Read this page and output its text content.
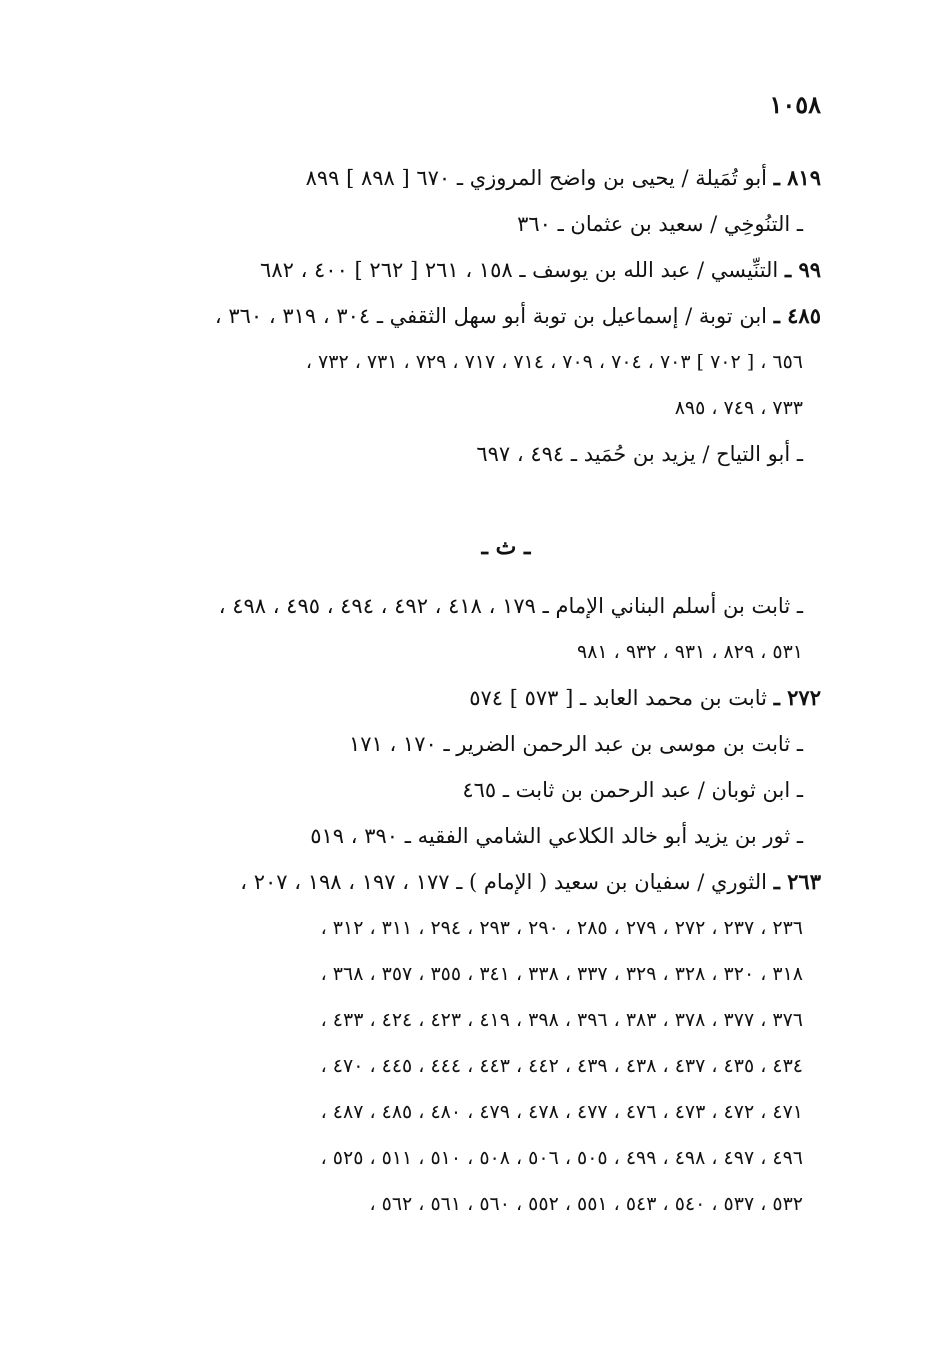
١٠٥٨
٨١٩ ـ أبو تُمَيلة / يحيى بن واضح المروزي ـ ٦٧٠ [ ٨٩٨ ] ٨٩٩
ـ التنُوخِي / سعيد بن عثمان ـ ٣٦٠
٩٩ ـ التنِّيسي / عبد الله بن يوسف ـ ١٥٨ ، ٢٦١ [ ٢٦٢ ] ٤٠٠ ، ٦٨٢
٤٨٥ ـ ابن توبة / إسماعيل بن توبة أبو سهل الثقفي ـ ٣٠٤ ، ٣١٩ ، ٣٦٠ ،
٦٥٦ ، [ ٧٠٢ ] ٧٠٣ ، ٧٠٤ ، ٧٠٩ ، ٧١٤ ، ٧١٧ ، ٧٢٩ ، ٧٣١ ، ٧٣٢ ،
٧٣٣ ، ٧٤٩ ، ٨٩٥
ـ أبو التياح / يزيد بن حُمَيد ـ ٤٩٤ ، ٦٩٧
ـ ث ـ
ـ ثابت بن أسلم البناني الإمام ـ ١٧٩ ، ٤١٨ ، ٤٩٢ ، ٤٩٤ ، ٤٩٥ ، ٤٩٨ ،
٥٣١ ، ٨٢٩ ، ٩٣١ ، ٩٣٢ ، ٩٨١
٢٧٢ ـ ثابت بن محمد العابد ـ [ ٥٧٣ ] ٥٧٤
ـ ثابت بن موسى بن عبد الرحمن الضرير ـ ١٧٠ ، ١٧١
ـ ابن ثوبان / عبد الرحمن بن ثابت ـ ٤٦٥
ـ ثور بن يزيد أبو خالد الكلاعي الشامي الفقيه ـ ٣٩٠ ، ٥١٩
٢٦٣ ـ الثوري / سفيان بن سعيد ( الإمام ) ـ ١٧٧ ، ١٩٧ ، ١٩٨ ، ٢٠٧ ،
٢٣٦ ، ٢٣٧ ، ٢٧٢ ، ٢٧٩ ، ٢٨٥ ، ٢٩٠ ، ٢٩٣ ، ٢٩٤ ، ٣١١ ، ٣١٢ ،
٣١٨ ، ٣٢٠ ، ٣٢٨ ، ٣٢٩ ، ٣٣٧ ، ٣٣٨ ، ٣٤١ ، ٣٥٥ ، ٣٥٧ ، ٣٦٨ ،
٣٧٦ ، ٣٧٧ ، ٣٧٨ ، ٣٨٣ ، ٣٩٦ ، ٣٩٨ ، ٤١٩ ، ٤٢٣ ، ٤٢٤ ، ٤٣٣ ،
٤٣٤ ، ٤٣٥ ، ٤٣٧ ، ٤٣٨ ، ٤٣٩ ، ٤٤٢ ، ٤٤٣ ، ٤٤٤ ، ٤٤٥ ، ٤٧٠ ،
٤٧١ ، ٤٧٢ ، ٤٧٣ ، ٤٧٦ ، ٤٧٧ ، ٤٧٨ ، ٤٧٩ ، ٤٨٠ ، ٤٨٥ ، ٤٨٧ ،
٤٩٦ ، ٤٩٧ ، ٤٩٨ ، ٤٩٩ ، ٥٠٥ ، ٥٠٦ ، ٥٠٨ ، ٥١٠ ، ٥١١ ، ٥٢٥ ،
٥٣٢ ، ٥٣٧ ، ٥٤٠ ، ٥٤٣ ، ٥٥١ ، ٥٥٢ ، ٥٦٠ ، ٥٦١ ، ٥٦٢ ،
